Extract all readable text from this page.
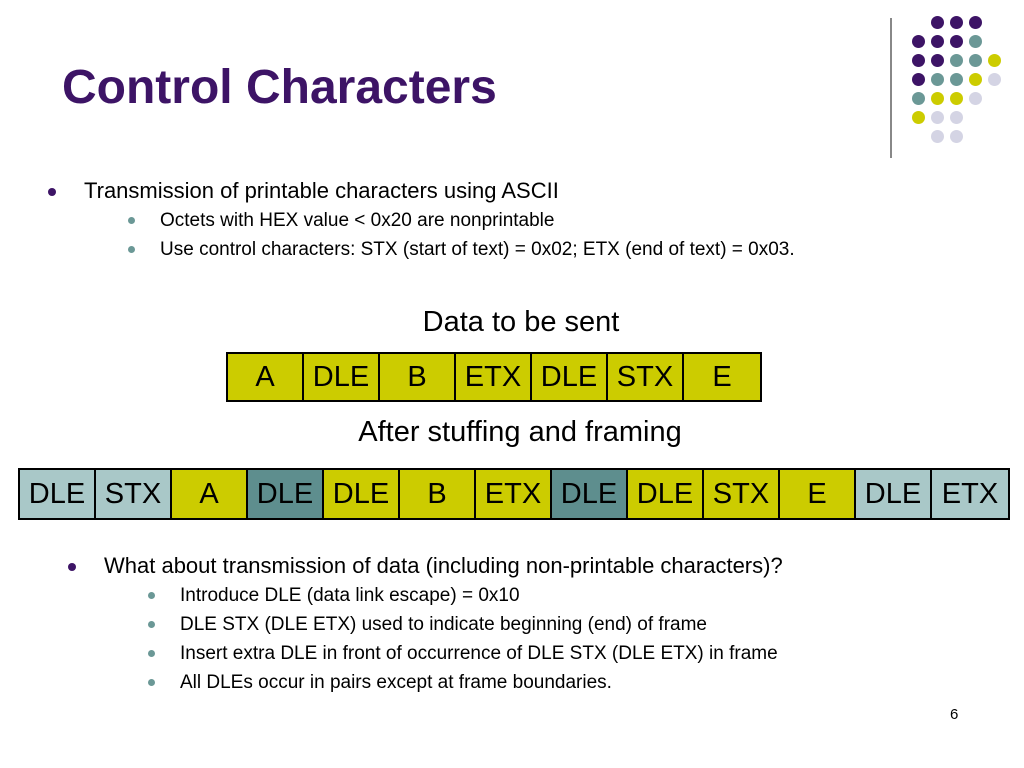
Control Characters
Transmission of printable characters using ASCII
Octets with HEX value < 0x20 are nonprintable
Use control characters: STX (start of text) = 0x02; ETX (end of text) = 0x03.
Data to be sent
A	DLE	B	ETX DLE STX	E
After stuffing and framing
DLE STX	A	DLE DLE	B	ETX DLE DLE STX	E	DLE ETX
What about transmission of data (including non-printable characters)?
Introduce DLE (data link escape) = 0x10
DLE STX (DLE ETX) used to indicate beginning (end) of frame
Insert extra DLE in front of occurrence of DLE STX (DLE ETX) in frame
All DLEs occur in pairs except at frame boundaries.
6
